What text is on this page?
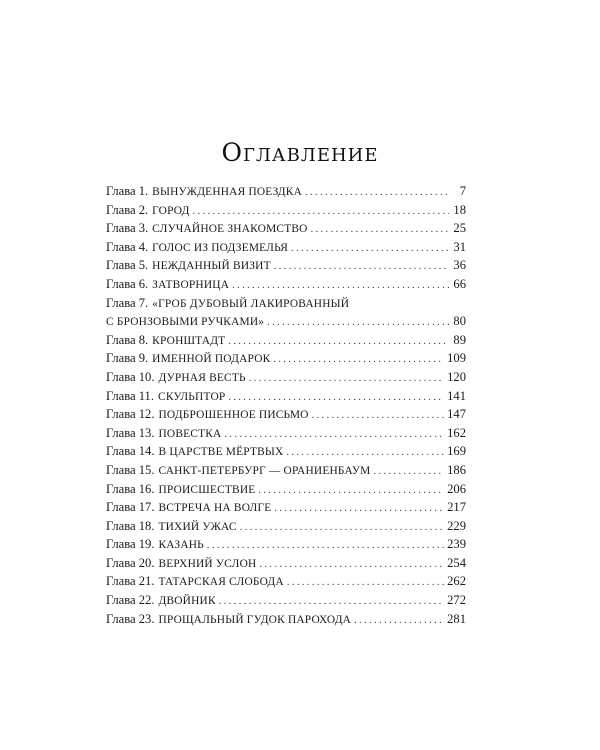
Оглавление
Глава 1. ВЫНУЖДЕННАЯ ПОЕЗДКА . . .	7
Глава 2. ГОРОД . . .	18
Глава 3. СЛУЧАЙНОЕ ЗНАКОМСТВО . . .	25
Глава 4. ГОЛОС ИЗ ПОДЗЕМЕЛЬЯ . . .	31
Глава 5. НЕЖДАННЫЙ ВИЗИТ . . .	36
Глава 6. ЗАТВОРНИЦА . . .	66
Глава 7. «ГРОБ ДУБОВЫЙ ЛАКИРОВАННЫЙ
С БРОНЗОВЫМИ РУЧКАМИ» . . .	80
Глава 8. КРОНШТАДТ . . .	89
Глава 9. ИМЕННОЙ ПОДАРОК . . .	109
Глава 10. ДУРНАЯ ВЕСТЬ . . .	120
Глава 11. СКУЛЬПТОР . . .	141
Глава 12. ПОДБРОШЕННОЕ ПИСЬМО . . .	147
Глава 13. ПОВЕСТКА . . .	162
Глава 14. В ЦАРСТВЕ МЁРТВЫХ . . .	169
Глава 15. САНКТ-ПЕТЕРБУРГ — ОРАНИЕНБАУМ . . .	186
Глава 16. ПРОИСШЕСТВИЕ . . .	206
Глава 17. ВСТРЕЧА НА ВОЛГЕ . . .	217
Глава 18. ТИХИЙ УЖАС . . .	229
Глава 19. КАЗАНЬ . . .	239
Глава 20. ВЕРХНИЙ УСЛОН . . .	254
Глава 21. ТАТАРСКАЯ СЛОБОДА . . .	262
Глава 22. ДВОЙНИК . . .	272
Глава 23. ПРОЩАЛЬНЫЙ ГУДОК ПАРОХОДА . . .	281
